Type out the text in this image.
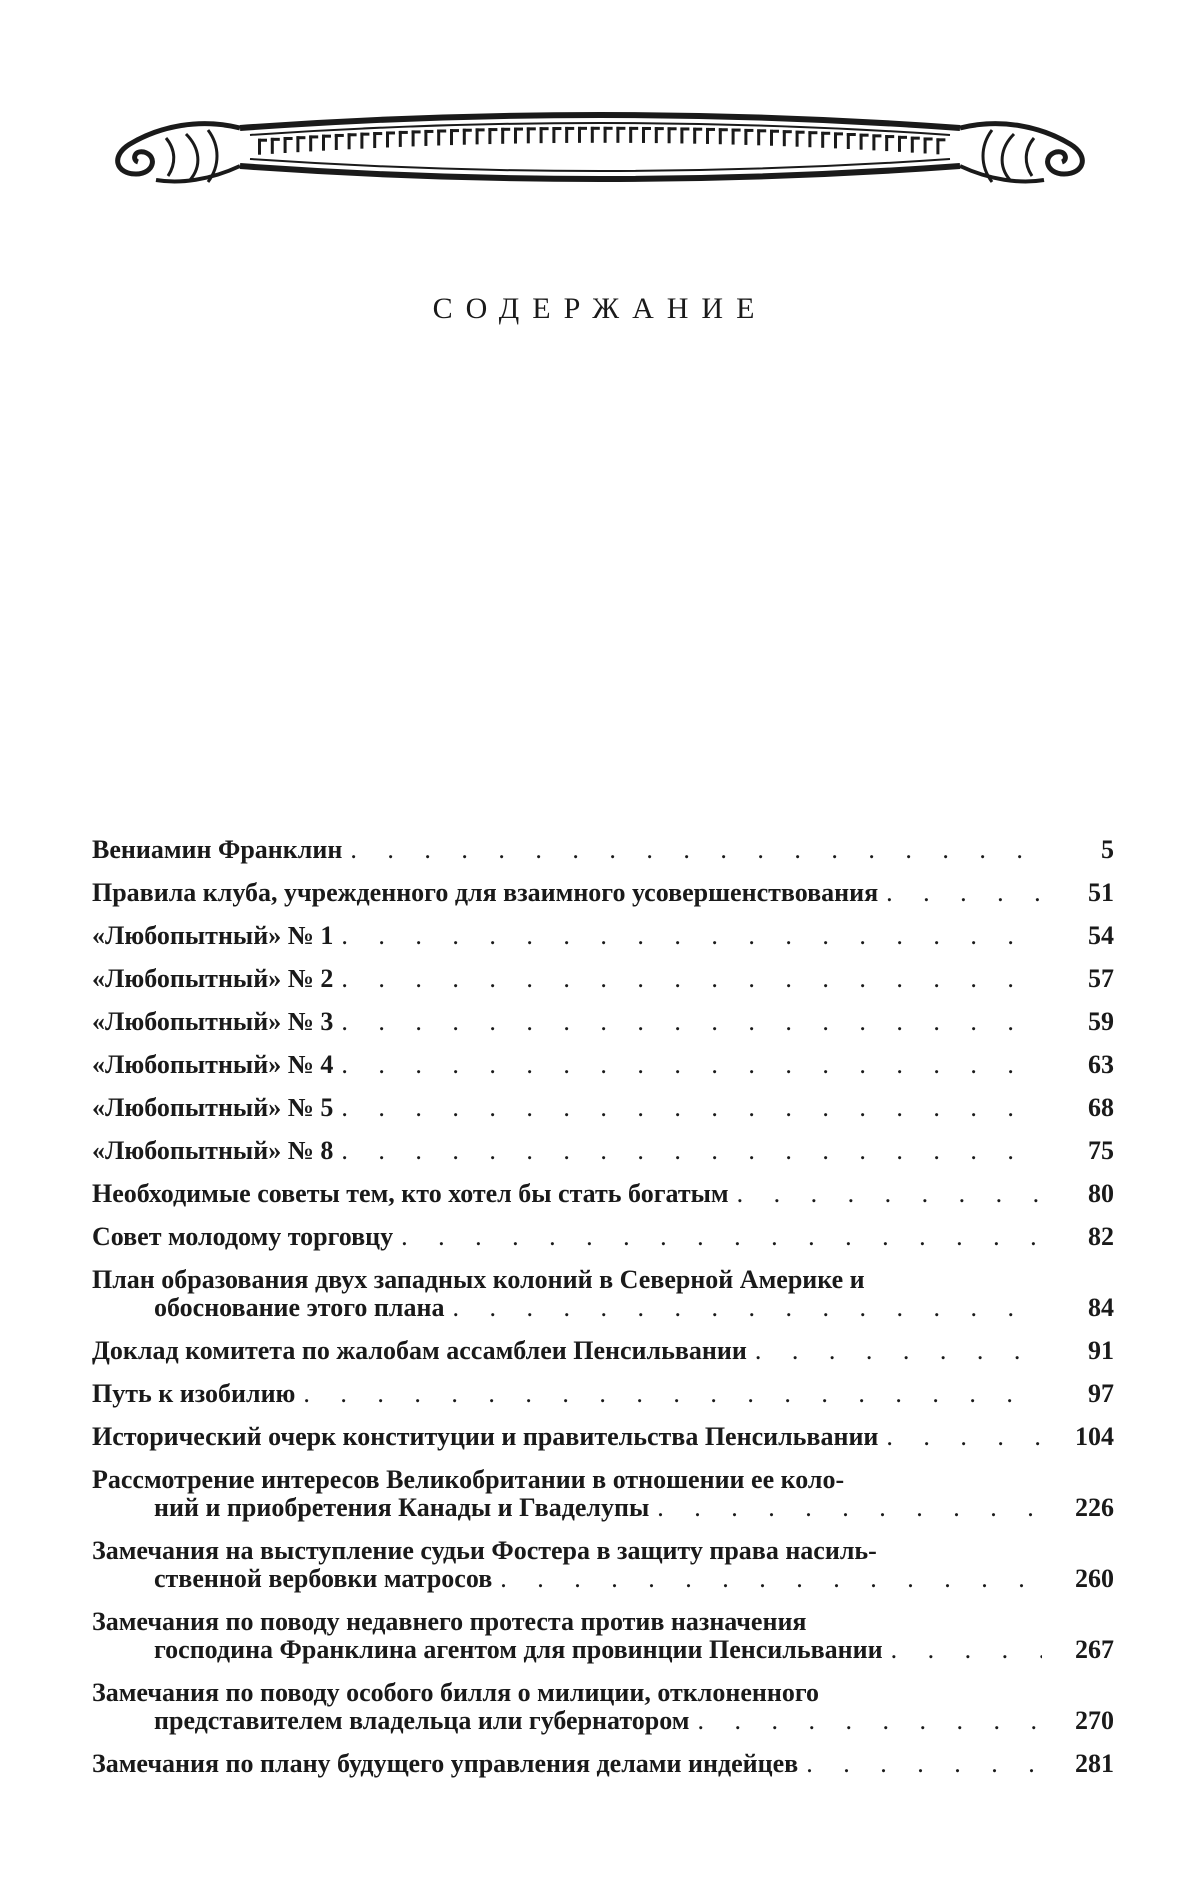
СОДЕРЖАНИЕ
Вениамин Франклин . . .	5
Правила клуба, учрежденного для взаимного усовершенствования . . .	51
«Любопытный» № 1 . . .	54
«Любопытный» № 2 . . .	57
«Любопытный» № 3 . . .	59
«Любопытный» № 4 . . .	63
«Любопытный» № 5 . . .	68
«Любопытный» № 8 . . .	75
Необходимые советы тем, кто хотел бы стать богатым . . .	80
Совет молодому торговцу . . .	82
План образования двух западных колоний в Северной Америке и
обоснование этого плана . . .	84
Доклад комитета по жалобам ассамблеи Пенсильвании . . .	91
Путь к изобилию . . .	97
Исторический очерк конституции и правительства Пенсильвании . . .	104
Рассмотрение интересов Великобритании в отношении ее коло-
ний и приобретения Канады и Гваделупы . . .	226
Замечания на выступление судьи Фостера в защиту права насиль-
ственной вербовки матросов . . .	260
Замечания по поводу недавнего протеста против назначения
господина Франклина агентом для провинции Пенсильвании . . .	267
Замечания по поводу особого билля о милиции, отклоненного
представителем владельца или губернатором . . .	270
Замечания по плану будущего управления делами индейцев . . .	281
